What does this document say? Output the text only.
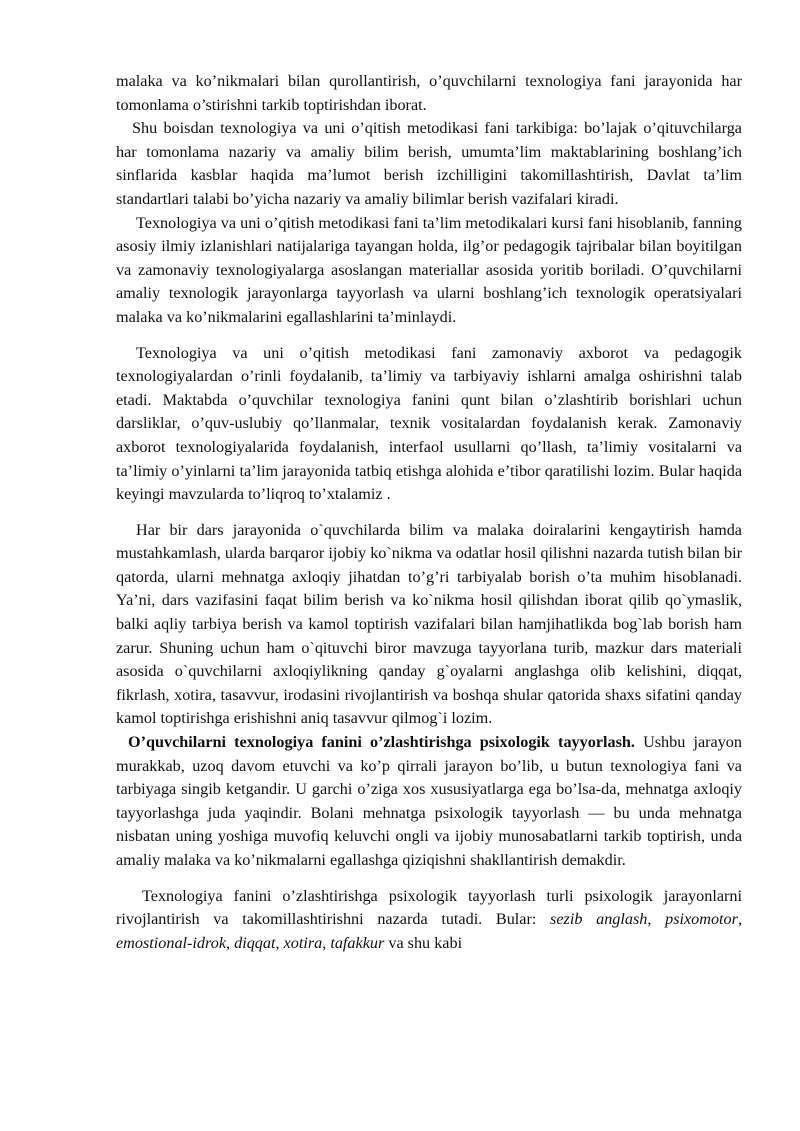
malaka va ko’nikmalari bilan qurollantirish, o’quvchilarni texnologiya fani jarayonida har tomonlama o’stirishni tarkib toptirishdan iborat.

Shu boisdan texnologiya va uni o’qitish metodikasi fani tarkibiga: bo’lajak o’qituvchilarga har tomonlama nazariy va amaliy bilim berish, umumta’lim maktablarining boshlang’ich sinflarida kasblar haqida ma’lumot berish izchilligini takomillashtirish, Davlat ta’lim standartlari talabi bo’yicha nazariy va amaliy bilimlar berish vazifalari kiradi.

Texnologiya va uni o’qitish metodikasi fani ta’lim metodikalari kursi fani hisoblanib, fanning asosiy ilmiy izlanishlari natijalariga tayangan holda, ilg’or pedagogik tajribalar bilan boyitilgan va zamonaviy texnologiyalarga asoslangan materiallar asosida yoritib boriladi. O’quvchilarni amaliy texnologik jarayonlarga tayyorlash va ularni boshlang’ich texnologik operatsiyalari malaka va ko’nikmalarini egallashlarini ta’minlaydi.

Texnologiya va uni o’qitish metodikasi fani zamonaviy axborot va pedagogik texnologiyalardan o’rinli foydalanib, ta’limiy va tarbiyaviy ishlarni amalga oshirishni talab etadi. Maktabda o’quvchilar texnologiya fanini qunt bilan o’zlashtirib borishlari uchun darsliklar, o’quv-uslubiy qo’llanmalar, texnik vositalardan foydalanish kerak. Zamonaviy axborot texnologiyalarida foydalanish, interfaol usullarni qo’llash, ta’limiy vositalarni va ta’limiy o’yinlarni ta’lim jarayonida tatbiq etishga alohida e’tibor qaratilishi lozim. Bular haqida keyingi mavzularda to’liqroq to’xtalamiz .

Har bir dars jarayonida o`quvchilarda bilim va malaka doiralarini kengaytirish hamda mustahkamlash, ularda barqaror ijobiy ko`nikma va odatlar hosil qilishni nazarda tutish bilan bir qatorda, ularni mehnatga axloqiy jihatdan to’g’ri tarbiyalab borish o’ta muhim hisoblanadi. Ya’ni, dars vazifasini faqat bilim berish va ko`nikma hosil qilishdan iborat qilib qo`ymaslik, balki aqliy tarbiya berish va kamol toptirish vazifalari bilan hamjihatlikda bog`lab borish ham zarur. Shuning uchun ham o`qituvchi biror mavzuga tayyorlana turib, mazkur dars materiali asosida o`quvchilarni axloqiylikning qanday g`oyalarni anglashga olib kelishini, diqqat, fikrlash, xotira, tasavvur, irodasini rivojlantirish va boshqa shular qatorida shaxs sifatini qanday kamol toptirishga erishishni aniq tasavvur qilmog`i lozim.

O’quvchilarni texnologiya fanini o’zlashtirishga psixologik tayyorlash. Ushbu jarayon murakkab, uzoq davom etuvchi va ko’p qirrali jarayon bo’lib, u butun texnologiya fani va tarbiyaga singib ketgandir. U garchi o’ziga xos xususiyatlarga ega bo’lsa-da, mehnatga axloqiy tayyorlashga juda yaqindir. Bolani mehnatga psixologik tayyorlash — bu unda mehnatga nisbatan uning yoshiga muvofiq keluvchi ongli va ijobiy munosabatlarni tarkib toptirish, unda amaliy malaka va ko’nikmalarni egallashga qiziqishni shakllantirish demakdir.

Texnologiya fanini o’zlashtirishga psixologik tayyorlash turli psixologik jarayonlarni rivojlantirish va takomillashtirishni nazarda tutadi. Bular: sezib anglash, psixomotor, emostional-idrok, diqqat, xotira, tafakkur va shu kabi
